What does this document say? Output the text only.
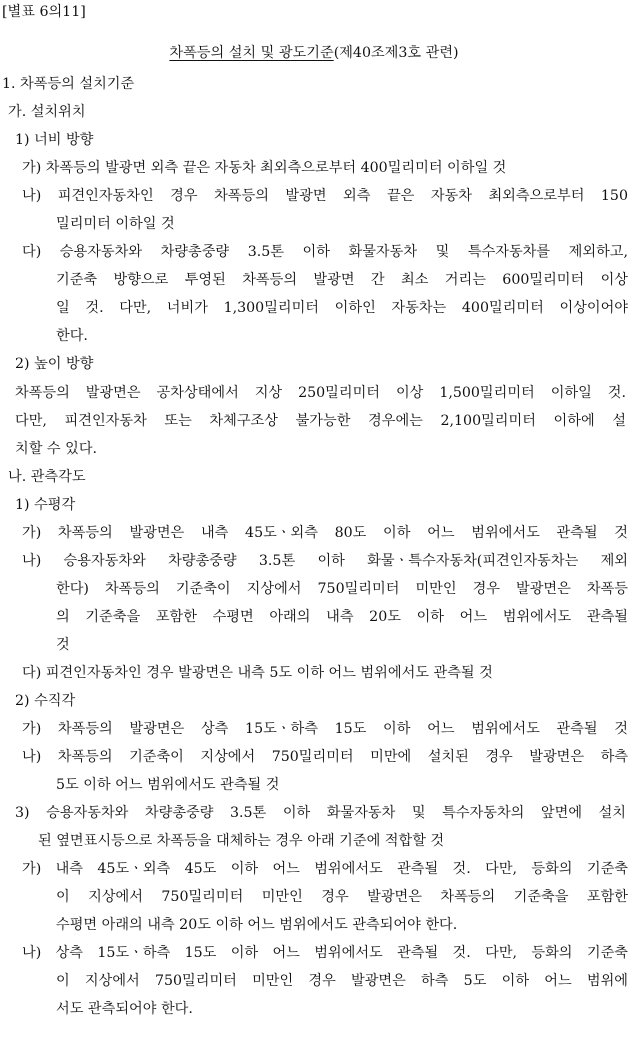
[별표 6의11]
차폭등의 설치 및 광도기준(제40조제3호 관련)
1. 차폭등의 설치기준
가. 설치위치
1) 너비 방향
가) 차폭등의 발광면 외측 끝은 자동차 최외측으로부터 400밀리미터 이하일 것
나) 피견인자동차인 경우 차폭등의 발광면 외측 끝은 자동차 최외측으로부터 150
밀리미터 이하일 것
다) 승용자동차와 차량총중량 3.5톤 이하 화물자동차 및 특수자동차를 제외하고,
기준축 방향으로 투영된 차폭등의 발광면 간 최소 거리는 600밀리미터 이상
일 것. 다만, 너비가 1,300밀리미터 이하인 자동차는 400밀리미터 이상이어야
한다.
2) 높이 방향
차폭등의 발광면은 공차상태에서 지상 250밀리미터 이상 1,500밀리미터 이하일 것.
다만, 피견인자동차 또는 차체구조상 불가능한 경우에는 2,100밀리미터 이하에 설
치할 수 있다.
나. 관측각도
1) 수평각
가) 차폭등의 발광면은 내측 45도ㆍ외측 80도 이하 어느 범위에서도 관측될 것
나) 승용자동차와 차량총중량 3.5톤 이하 화물ㆍ특수자동차(피견인자동차는 제외
한다) 차폭등의 기준축이 지상에서 750밀리미터 미만인 경우 발광면은 차폭등
의 기준축을 포함한 수평면 아래의 내측 20도 이하 어느 범위에서도 관측될
것
다) 피견인자동차인 경우 발광면은 내측 5도 이하 어느 범위에서도 관측될 것
2) 수직각
가) 차폭등의 발광면은 상측 15도ㆍ하측 15도 이하 어느 범위에서도 관측될 것
나) 차폭등의 기준축이 지상에서 750밀리미터 미만에 설치된 경우 발광면은 하측
5도 이하 어느 범위에서도 관측될 것
3) 승용자동차와 차량총중량 3.5톤 이하 화물자동차 및 특수자동차의 앞면에 설치
된 옆면표시등으로 차폭등을 대체하는 경우 아래 기준에 적합할 것
가) 내측 45도ㆍ외측 45도 이하 어느 범위에서도 관측될 것. 다만, 등화의 기준축
이 지상에서 750밀리미터 미만인 경우 발광면은 차폭등의 기준축을 포함한
수평면 아래의 내측 20도 이하 어느 범위에서도 관측되어야 한다.
나) 상측 15도ㆍ하측 15도 이하 어느 범위에서도 관측될 것. 다만, 등화의 기준축
이 지상에서 750밀리미터 미만인 경우 발광면은 하측 5도 이하 어느 범위에
서도 관측되어야 한다.
